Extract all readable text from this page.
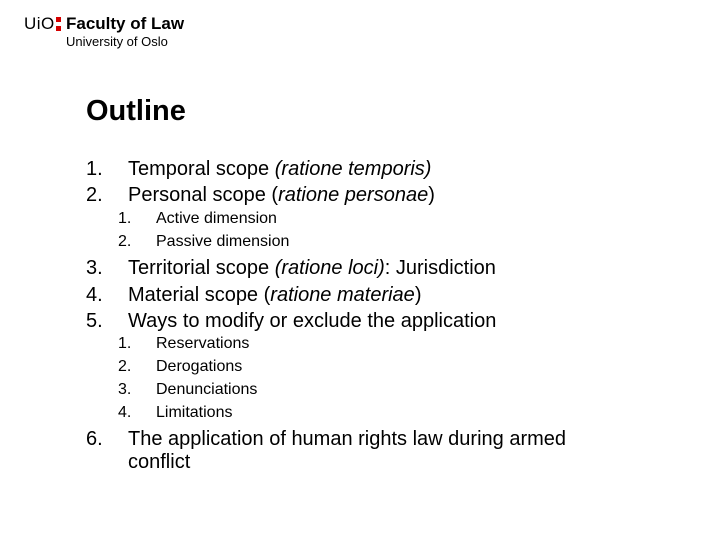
UiO Faculty of Law
University of Oslo
Outline
1. Temporal scope (ratione temporis)
2. Personal scope (ratione personae)
1. Active dimension
2. Passive dimension
3. Territorial scope (ratione loci): Jurisdiction
4. Material scope (ratione materiae)
5. Ways to modify or exclude the application
1. Reservations
2. Derogations
3. Denunciations
4. Limitations
6. The application of human rights law during armed
conflict
